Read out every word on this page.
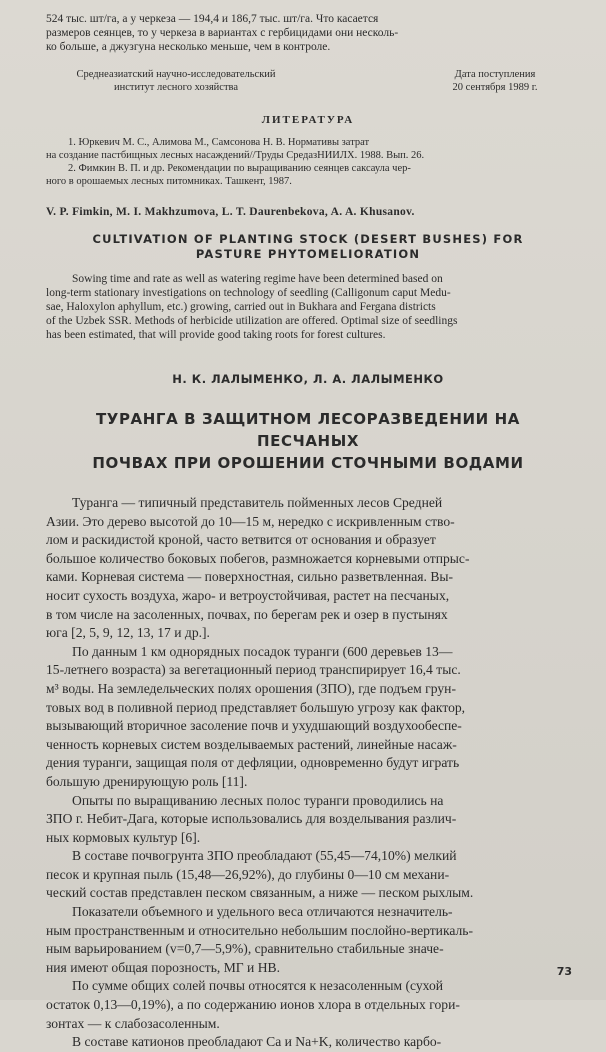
524 тыс. шт/га, а у черкеза — 194,4 и 186,7 тыс. шт/га. Что касается

размеров сеянцев, то у черкеза в вариантах с гербицидами они несколь-

ко больше, а джузгуна несколько меньше, чем в контроле.

Среднеазиатский научно-исследовательский
институт лесного хозяйства
Дата поступления
20 сентября 1989 г.
ЛИТЕРАТУРА

1. Юркевич М. С., Алимова М., Самсонова Н. В. Нормативы затрат

на создание пастбищных лесных насаждений//Труды СредазНИИЛХ. 1988. Вып. 26.

2. Фимкин В. П. и др. Рекомендации по выращиванию сеянцев саксаула чер-

ного в орошаемых лесных питомниках. Ташкент, 1987.

V. P. Fimkin, M. I. Makhzumova, L. T. Daurenbekova, A. A. Khusanov.
CULTIVATION OF PLANTING STOCK (DESERT BUSHES) FOR
PASTURE PHYTOMELIORATION

Sowing time and rate as well as watering regime have been determined based on

long-term stationary investigations on technology of seedling (Calligonum caput Medu-

sae, Haloxylon aphyllum, etc.) growing, carried out in Bukhara and Fergana districts

of the Uzbek SSR. Methods of herbicide utilization are offered. Optimal size of seedlings

has been estimated, that will provide good taking roots for forest cultures.

Н. К. ЛАЛЫМЕНКО, Л. А. ЛАЛЫМЕНКО
ТУРАНГА В ЗАЩИТНОМ ЛЕСОРАЗВЕДЕНИИ НА ПЕСЧАНЫХ
ПОЧВАХ ПРИ ОРОШЕНИИ СТОЧНЫМИ ВОДАМИ

Туранга — типичный представитель пойменных лесов Средней

Азии. Это дерево высотой до 10—15 м, нередко с искривленным ство-

лом и раскидистой кроной, часто ветвится от основания и образует

большое количество боковых побегов, размножается корневыми отпрыс-

ками. Корневая система — поверхностная, сильно разветвленная. Вы-

носит сухость воздуха, жаро- и ветроустойчивая, растет на песчаных,

в том числе на засоленных, почвах, по берегам рек и озер в пустынях

юга [2, 5, 9, 12, 13, 17 и др.].

По данным 1 км однорядных посадок туранги (600 деревьев 13—

15-летнего возраста) за вегетационный период транспирирует 16,4 тыс.

м³ воды. На земледельческих полях орошения (ЗПО), где подъем грун-

товых вод в поливной период представляет большую угрозу как фактор,

вызывающий вторичное засоление почв и ухудшающий воздухообеспе-

ченность корневых систем возделываемых растений, линейные насаж-

дения туранги, защищая поля от дефляции, одновременно будут играть

большую дренирующую роль [11].

Опыты по выращиванию лесных полос туранги проводились на

ЗПО г. Небит-Дага, которые использовались для возделывания различ-

ных кормовых культур [6].

В составе почвогрунта ЗПО преобладают (55,45—74,10%) мелкий

песок и крупная пыль (15,48—26,92%), до глубины 0—10 см механи-

ческий состав представлен песком связанным, а ниже — песком рыхлым.

Показатели объемного и удельного веса отличаются незначитель-

ным пространственным и относительно небольшим послойно-вертикаль-

ным варьированием (v=0,7—5,9%), сравнительно стабильные значе-

ния имеют общая порозность, МГ и НВ.

По сумме общих солей почвы относятся к незасоленным (сухой

остаток 0,13—0,19%), а по содержанию ионов хлора в отдельных гори-

зонтах — к слабозасоленным.

В составе катионов преобладают Ca и Na+K, количество карбо-

73
